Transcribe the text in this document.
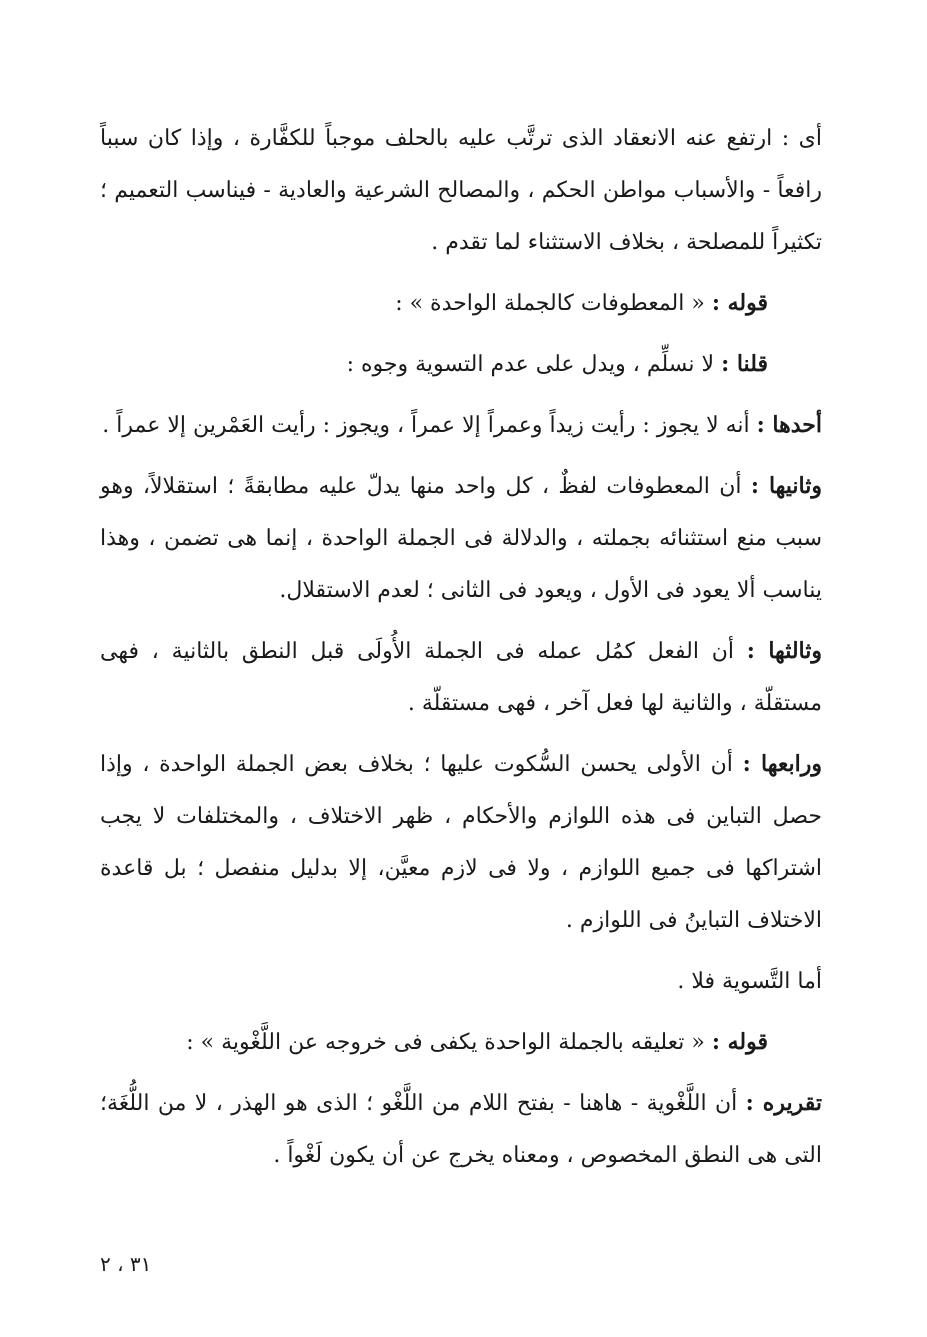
أى : ارتفع عنه الانعقاد الذى ترتَّب عليه بالحلف موجباً للكفَّارة ، وإذا كان سبباً رافعاً - والأسباب مواطن الحكم ، والمصالح الشرعية والعادية - فيناسب التعميم ؛ تكثيراً للمصلحة ، بخلاف الاستثناء لما تقدم .

قوله : « المعطوفات كالجملة الواحدة » :

قلنا : لا نسلِّم ، ويدل على عدم التسوية وجوه :

أحدها : أنه لا يجوز : رأيت زيداً وعمراً إلا عمراً ، ويجوز : رأيت العَمْرين إلا عمراً .

وثانيها : أن المعطوفات لفظٌ ، كل واحد منها يدلّ عليه مطابقةً ؛ استقلالاً، وهو سبب منع استثنائه بجملته ، والدلالة فى الجملة الواحدة ، إنما هى تضمن ، وهذا يناسب ألا يعود فى الأول ، ويعود فى الثانى ؛ لعدم الاستقلال.

وثالثها : أن الفعل كمُل عمله فى الجملة الأُولَى قبل النطق بالثانية ، فهى مستقلّة ، والثانية لها فعل آخر ، فهى مستقلّة .

ورابعها : أن الأولى يحسن السُّكوت عليها ؛ بخلاف بعض الجملة الواحدة ، وإذا حصل التباين فى هذه اللوازم والأحكام ، ظهر الاختلاف ، والمختلفات لا يجب اشتراكها فى جميع اللوازم ، ولا فى لازم معيَّن، إلا بدليل منفصل ؛ بل قاعدة الاختلاف التباينُ فى اللوازم .

أما التَّسوية فلا .

قوله : « تعليقه بالجملة الواحدة يكفى فى خروجه عن اللَّغْوية » :

تقريره : أن اللَّغْوية - هاهنا - بفتح اللام من اللَّغْو ؛ الذى هو الهذر ، لا من اللُّغَة؛ التى هى النطق المخصوص ، ومعناه يخرج عن أن يكون لَغْواً .

٣١ ، ٢
